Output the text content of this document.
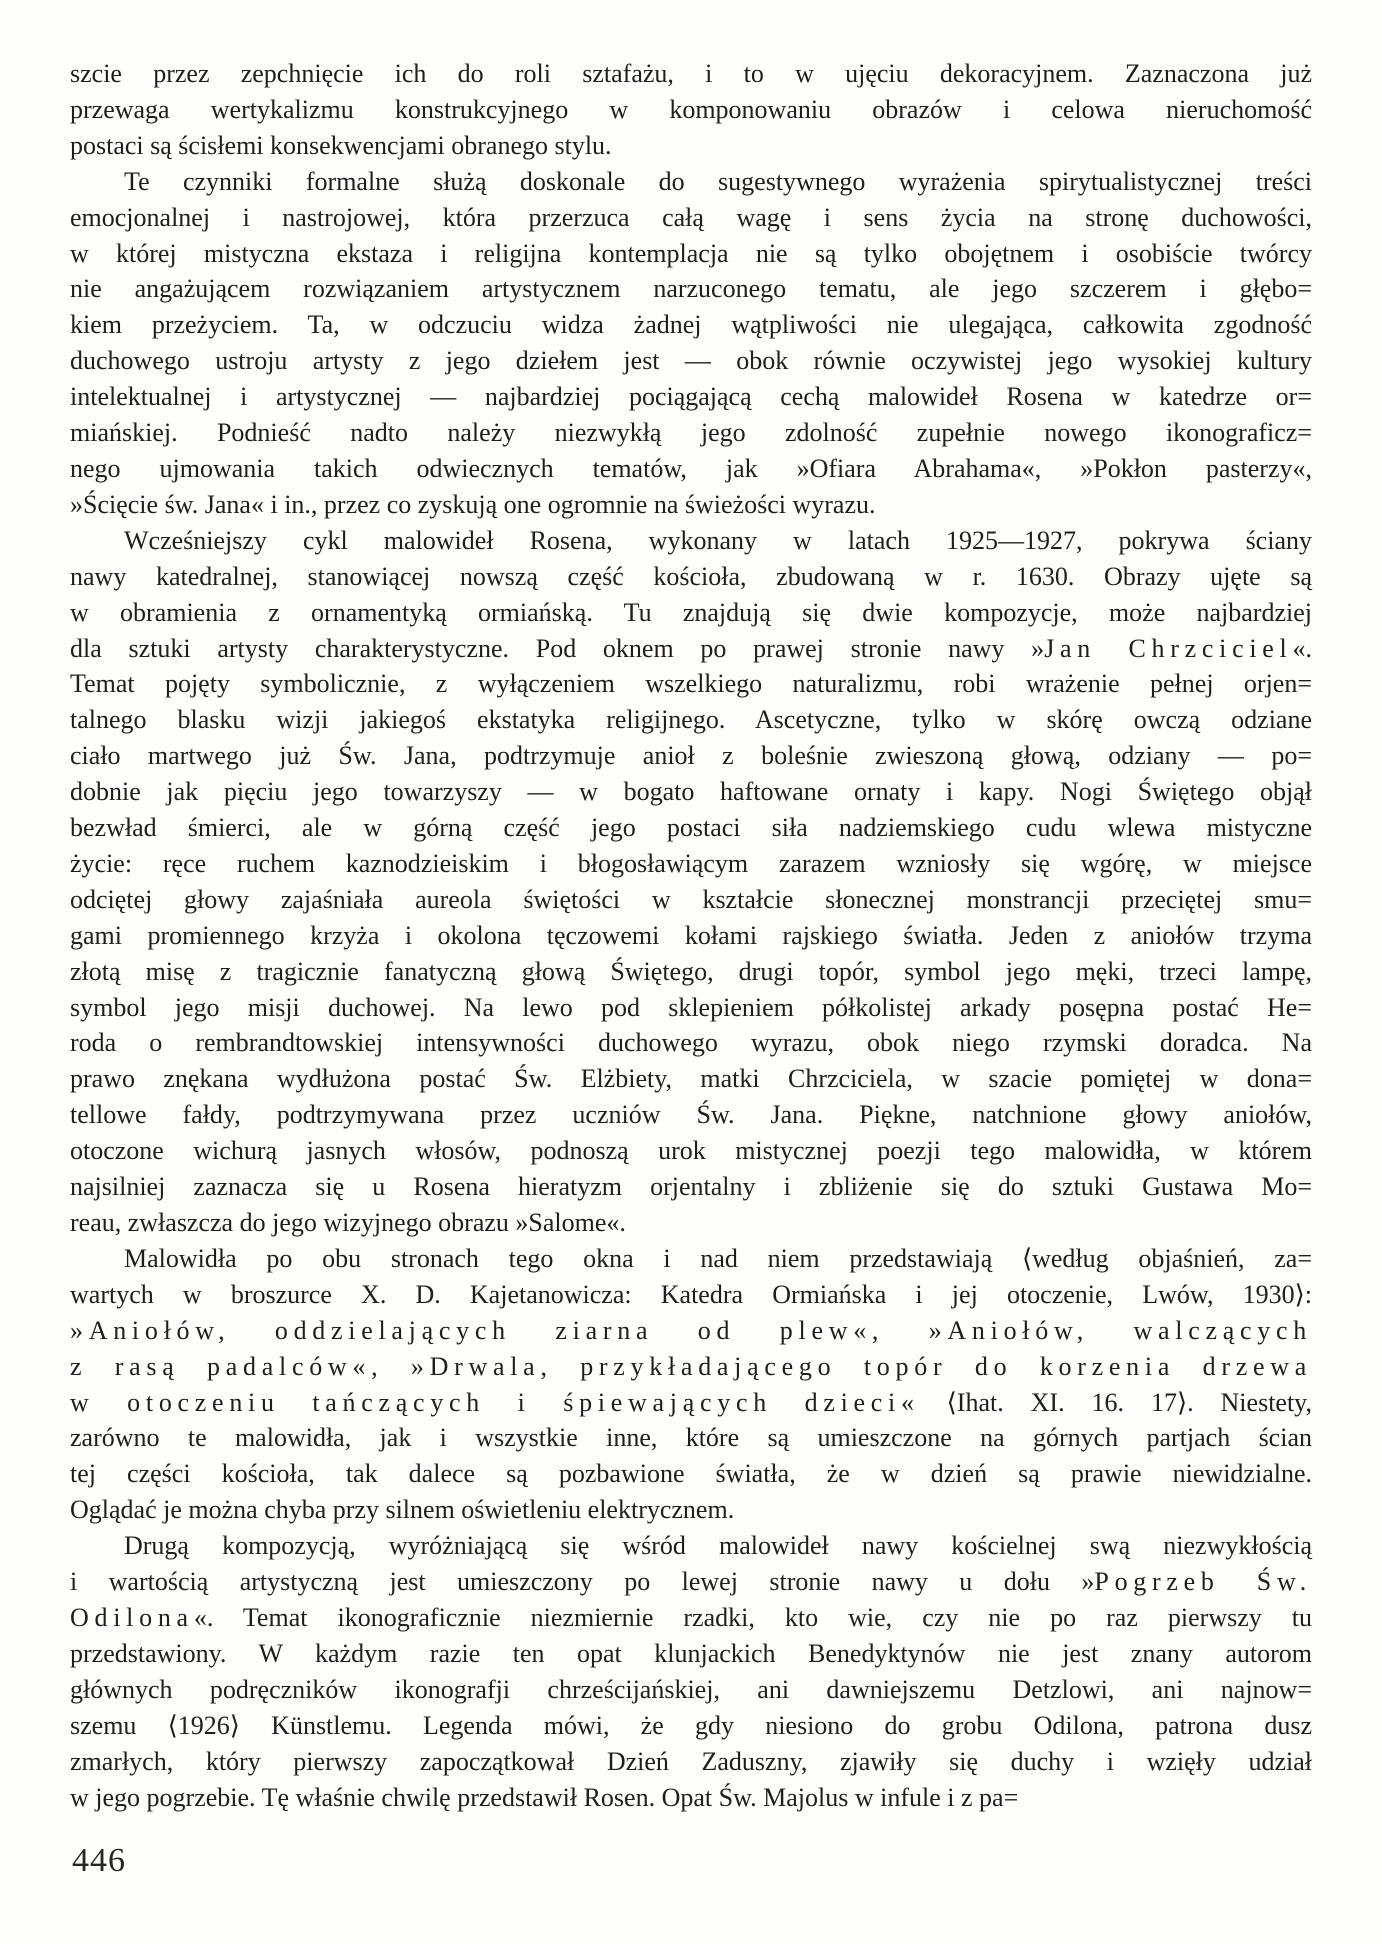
szcie przez zepchnięcie ich do roli sztafażu, i to w ujęciu dekoracyjnem. Zaznaczona już
przewaga wertykalizmu konstrukcyjnego w komponowaniu obrazów i celowa nieruchomość
postaci są ścisłemi konsekwencjami obranego stylu.
Te czynniki formalne służą doskonale do sugestywnego wyrażenia spirytualistycznej treści
emocjonalnej i nastrojowej, która przerzuca całą wagę i sens życia na stronę duchowości,
w której mistyczna ekstaza i religijna kontemplacja nie są tylko obojętnem i osobiście twórcy
nie angażującem rozwiązaniem artystycznem narzuconego tematu, ale jego szczerem i głębo=
kiem przeżyciem. Ta, w odczuciu widza żadnej wątpliwości nie ulegająca, całkowita zgodność
duchowego ustroju artysty z jego dziełem jest — obok równie oczywistej jego wysokiej kultury
intelektualnej i artystycznej — najbardziej pociągającą cechą malowideł Rosena w katedrze or=
miańskiej. Podnieść nadto należy niezwykłą jego zdolność zupełnie nowego ikonograficz=
nego ujmowania takich odwiecznych tematów, jak »Ofiara Abrahama«, »Pokłon pasterzy«,
»Ścięcie św. Jana« i in., przez co zyskują one ogromnie na świeżości wyrazu.
Wcześniejszy cykl malowideł Rosena, wykonany w latach 1925—1927, pokrywa ściany
nawy katedralnej, stanowiącej nowszą część kościoła, zbudowaną w r. 1630. Obrazy ujęte są
w obramienia z ornamentyką ormiańską. Tu znajdują się dwie kompozycje, może najbardziej
dla sztuki artysty charakterystyczne. Pod oknem po prawej stronie nawy »Jan Chrzciciel«.
Temat pojęty symbolicznie, z wyłączeniem wszelkiego naturalizmu, robi wrażenie pełnej orjen=
talnego blasku wizji jakiegoś ekstatyka religijnego. Ascetyczne, tylko w skórę owczą odziane
ciało martwego już Św. Jana, podtrzymuje anioł z boleśnie zwieszoną głową, odziany — po=
dobnie jak pięciu jego towarzyszy — w bogato haftowane ornaty i kapy. Nogi Świętego objął
bezwład śmierci, ale w górną część jego postaci siła nadziemskiego cudu wlewa mistyczne
życie: ręce ruchem kaznodzieiskim i błogosławiącym zarazem wzniosły się wgórę, w miejsce
odciętej głowy zajaśniała aureola świętości w kształcie słonecznej monstrancji przeciętej smu=
gami promiennego krzyża i okolona tęczowemi kołami rajskiego światła. Jeden z aniołów trzyma
złotą misę z tragicznie fanatyczną głową Świętego, drugi topór, symbol jego męki, trzeci lampę,
symbol jego misji duchowej. Na lewo pod sklepieniem półkolistej arkady posępna postać He=
roda o rembrandtowskiej intensywności duchowego wyrazu, obok niego rzymski doradca. Na
prawo znękana wydłużona postać Św. Elżbiety, matki Chrzciciela, w szacie pomiętej w dona=
tellowe fałdy, podtrzymywana przez uczniów Św. Jana. Piękne, natchnione głowy aniołów,
otoczone wichurą jasnych włosów, podnoszą urok mistycznej poezji tego malowidła, w którem
najsilniej zaznacza się u Rosena hieratyzm orjentalny i zbliżenie się do sztuki Gustawa Mo=
reau, zwłaszcza do jego wizyjnego obrazu »Salome«.
Malowidła po obu stronach tego okna i nad niem przedstawiają ⟨według objaśnień, za=
wartych w broszurce X. D. Kajetanowicza: Katedra Ormiańska i jej otoczenie, Lwów, 1930⟩:
»Aniołów, oddzielających ziarna od plew«, »Aniołów, walczących
z rasą padalców«, »Drwala, przykładającego topór do korzenia drzewa
w otoczeniu tańczących i śpiewających dzieci« ⟨Ihat. XI. 16. 17⟩. Niestety,
zarówno te malowidła, jak i wszystkie inne, które są umieszczone na górnych partjach ścian
tej części kościoła, tak dalece są pozbawione światła, że w dzień są prawie niewidzialne.
Oglądać je można chyba przy silnem oświetleniu elektrycznem.
Drugą kompozycją, wyróżniającą się wśród malowideł nawy kościelnej swą niezwykłością
i wartością artystyczną jest umieszczony po lewej stronie nawy u dołu »Pogrzeb Św.
Odilona«. Temat ikonograficznie niezmiernie rzadki, kto wie, czy nie po raz pierwszy tu
przedstawiony. W każdym razie ten opat klunjackich Benedyktynów nie jest znany autorom
głównych podręczników ikonografji chrześcijańskiej, ani dawniejszemu Detzlowi, ani najnow=
szemu ⟨1926⟩ Künstlemu. Legenda mówi, że gdy niesiono do grobu Odilona, patrona dusz
zmarłych, który pierwszy zapoczątkował Dzień Zaduszny, zjawiły się duchy i wzięły udział
w jego pogrzebie. Tę właśnie chwilę przedstawił Rosen. Opat Św. Majolus w infule i z pa=
446
